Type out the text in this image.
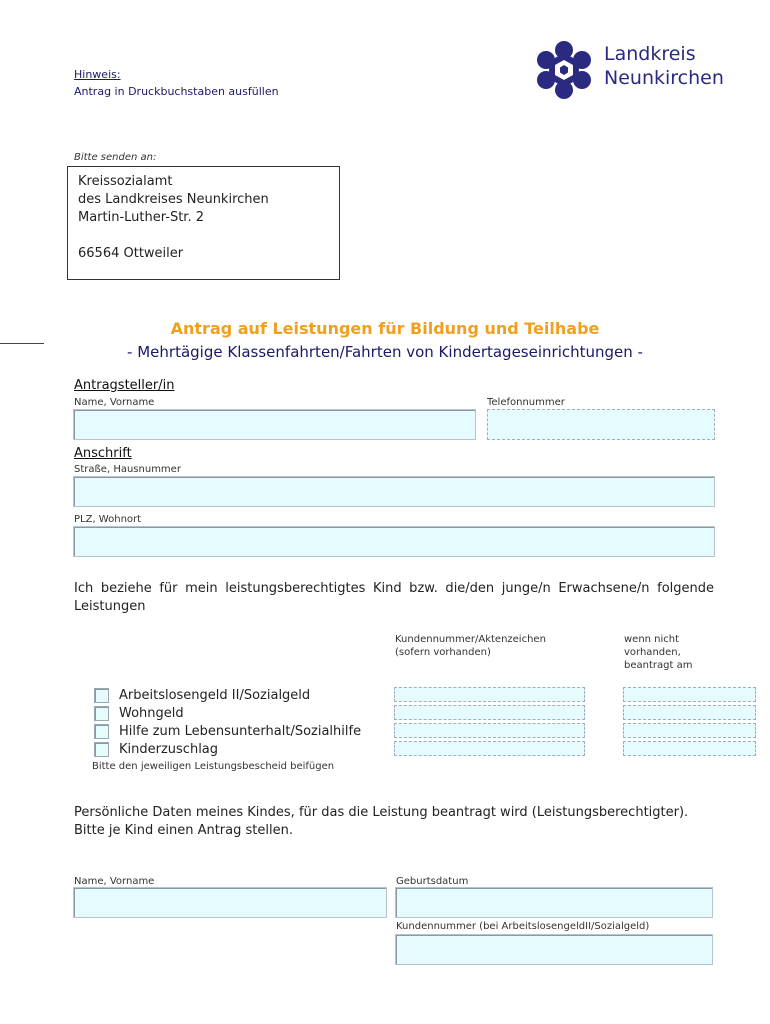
Hinweis:
Antrag in Druckbuchstaben ausfüllen
Landkreis
Neunkirchen
Bitte senden an:
Kreissozialamt
des Landkreises Neunkirchen
Martin-Luther-Str. 2
66564 Ottweiler
Antrag auf Leistungen für Bildung und Teilhabe
- Mehrtägige Klassenfahrten/Fahrten von Kindertageseinrichtungen -
Antragsteller/in
Name, Vorname	Telefonnummer
Anschrift
Straße, Hausnummer
PLZ, Wohnort
Ich beziehe für mein leistungsberechtigtes Kind bzw. die/den junge/n Erwachsene/n folgende Leistungen
Kundennummer/Aktenzeichen
(sofern vorhanden)
wenn nicht
vorhanden,
beantragt am
Arbeitslosengeld II/Sozialgeld
Wohngeld
Hilfe zum Lebensunterhalt/Sozialhilfe
Kinderzuschlag
Bitte den jeweiligen Leistungsbescheid beifügen
Persönliche Daten meines Kindes, für das die Leistung beantragt wird (Leistungsberechtigter).
Bitte je Kind einen Antrag stellen.
Name, Vorname	Geburtsdatum
Kundennummer (bei ArbeitslosengeldII/Sozialgeld)
